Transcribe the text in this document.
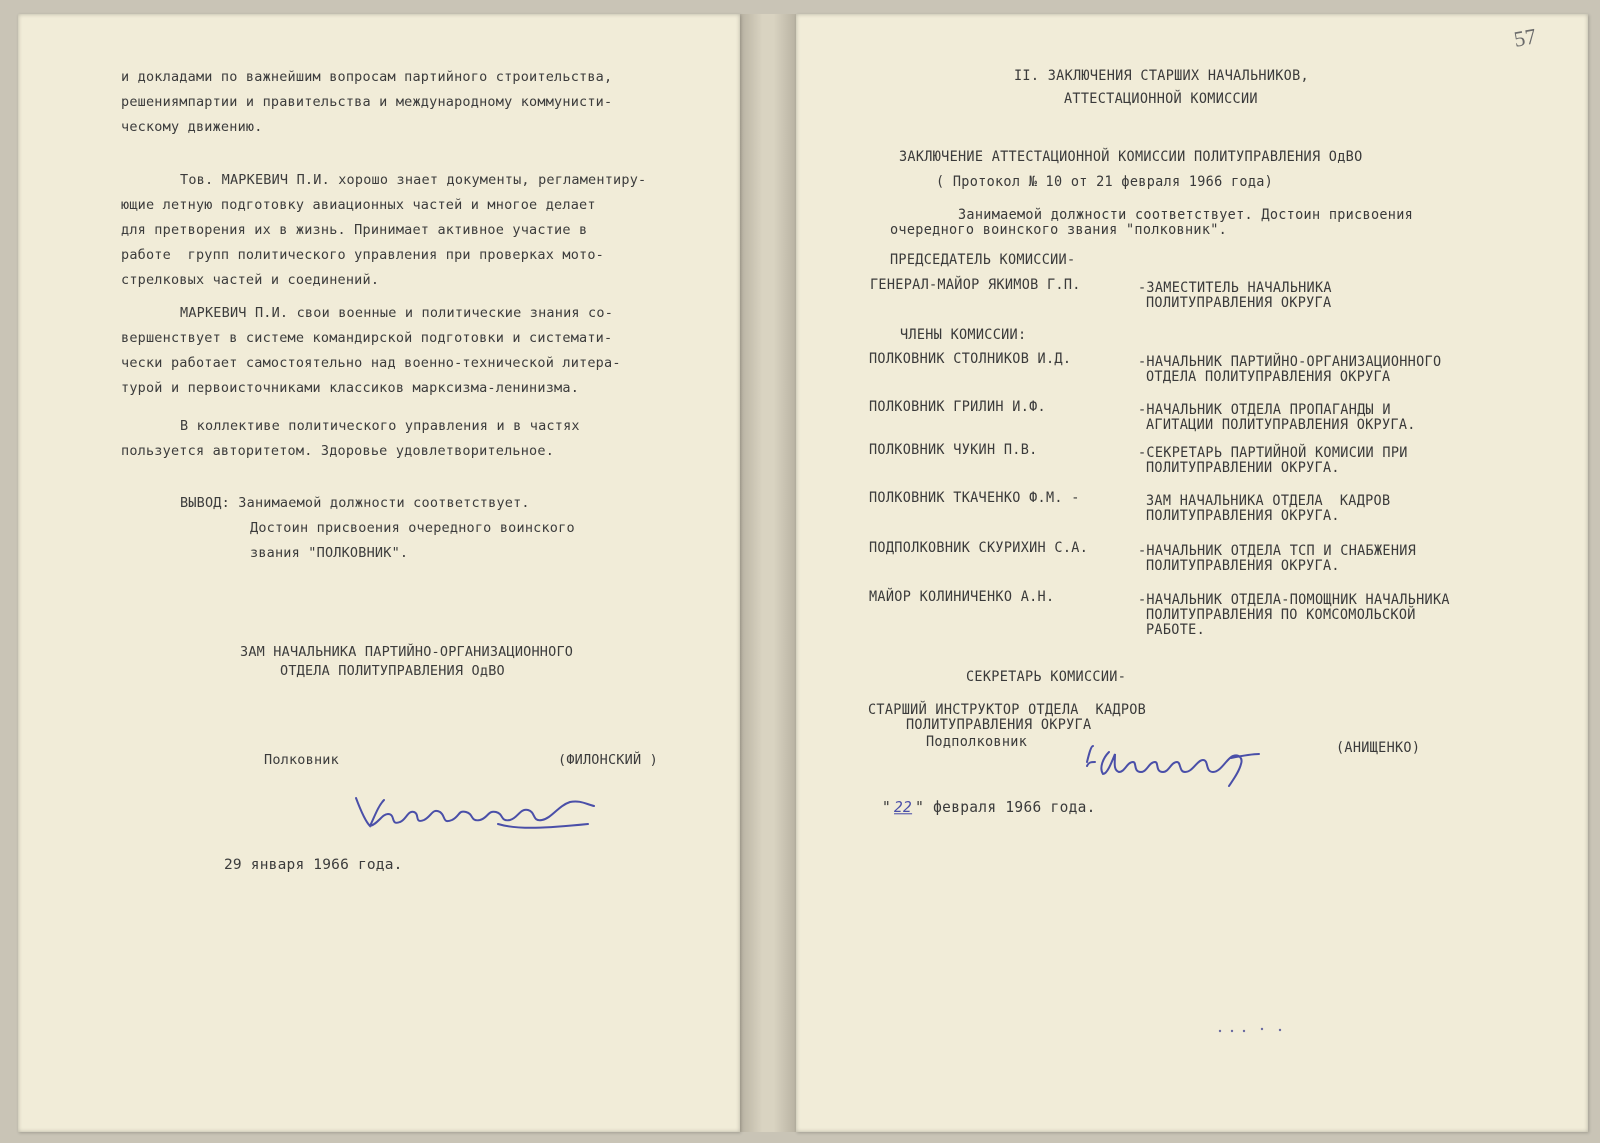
и докладами по важнейшим вопросам партийного строительства,
решениямпартии и правительства и международному коммунисти-
ческому движению.
Тов. МАРКЕВИЧ П.И. хорошо знает документы, регламентиру-
ющие летную подготовку авиационных частей и многое делает
для претворения их в жизнь. Принимает активное участие в
работе  групп политического управления при проверках мото-
стрелковых частей и соединений.
МАРКЕВИЧ П.И. свои военные и политические знания со-
вершенствует в системе командирской подготовки и системати-
чески работает самостоятельно над военно-технической литера-
турой и первоисточниками классиков марксизма-ленинизма.
В коллективе политического управления и в частях
пользуется авторитетом. Здоровье удовлетворительное.
ВЫВОД: Занимаемой должности соответствует.
Достоин присвоения очередного воинского
звания "ПОЛКОВНИК".
ЗАМ НАЧАЛЬНИКА ПАРТИЙНО-ОРГАНИЗАЦИОННОГО
ОТДЕЛА ПОЛИТУПРАВЛЕНИЯ ОдВО
Полковник	(ФИЛОНСКИЙ )
29 января 1966 года.
57
II. ЗАКЛЮЧЕНИЯ СТАРШИХ НАЧАЛЬНИКОВ,
АТТЕСТАЦИОННОЙ КОМИССИИ
ЗАКЛЮЧЕНИЕ АТТЕСТАЦИОННОЙ КОМИССИИ ПОЛИТУПРАВЛЕНИЯ ОдВО
( Протокол № 10 от 21 февраля 1966 года)
Занимаемой должности соответствует. Достоин присвоения
очередного воинского звания "полковник".
ПРЕДСЕДАТЕЛЬ КОМИССИИ-
ГЕНЕРАЛ-МАЙОР ЯКИМОВ Г.П.	-ЗАМЕСТИТЕЛЬ НАЧАЛЬНИКА
ПОЛИТУПРАВЛЕНИЯ ОКРУГА
ЧЛЕНЫ КОМИССИИ:
ПОЛКОВНИК СТОЛНИКОВ И.Д.	-НАЧАЛЬНИК ПАРТИЙНО-ОРГАНИЗАЦИОННОГО
ОТДЕЛА ПОЛИТУПРАВЛЕНИЯ ОКРУГА
ПОЛКОВНИК ГРИЛИН И.Ф.	-НАЧАЛЬНИК ОТДЕЛА ПРОПАГАНДЫ И
АГИТАЦИИ ПОЛИТУПРАВЛЕНИЯ ОКРУГА.
ПОЛКОВНИК ЧУКИН П.В.	-СЕКРЕТАРЬ ПАРТИЙНОЙ КОМИСИИ ПРИ
ПОЛИТУПРАВЛЕНИИ ОКРУГА.
ПОЛКОВНИК ТКАЧЕНКО Ф.М. -	ЗАМ НАЧАЛЬНИКА ОТДЕЛА  КАДРОВ
ПОЛИТУПРАВЛЕНИЯ ОКРУГА.
ПОДПОЛКОВНИК СКУРИХИН С.А.	-НАЧАЛЬНИК ОТДЕЛА ТСП И СНАБЖЕНИЯ
ПОЛИТУПРАВЛЕНИЯ ОКРУГА.
МАЙОР КОЛИНИЧЕНКО А.Н.	-НАЧАЛЬНИК ОТДЕЛА-ПОМОЩНИК НАЧАЛЬНИКА
ПОЛИТУПРАВЛЕНИЯ ПО КОМСОМОЛЬСКОЙ
РАБОТЕ.
СЕКРЕТАРЬ КОМИССИИ-
СТАРШИЙ ИНСТРУКТОР ОТДЕЛА  КАДРОВ
ПОЛИТУПРАВЛЕНИЯ ОКРУГА
Подполковник	(АНИЩЕНКО)
" 22 " февраля 1966 года.
